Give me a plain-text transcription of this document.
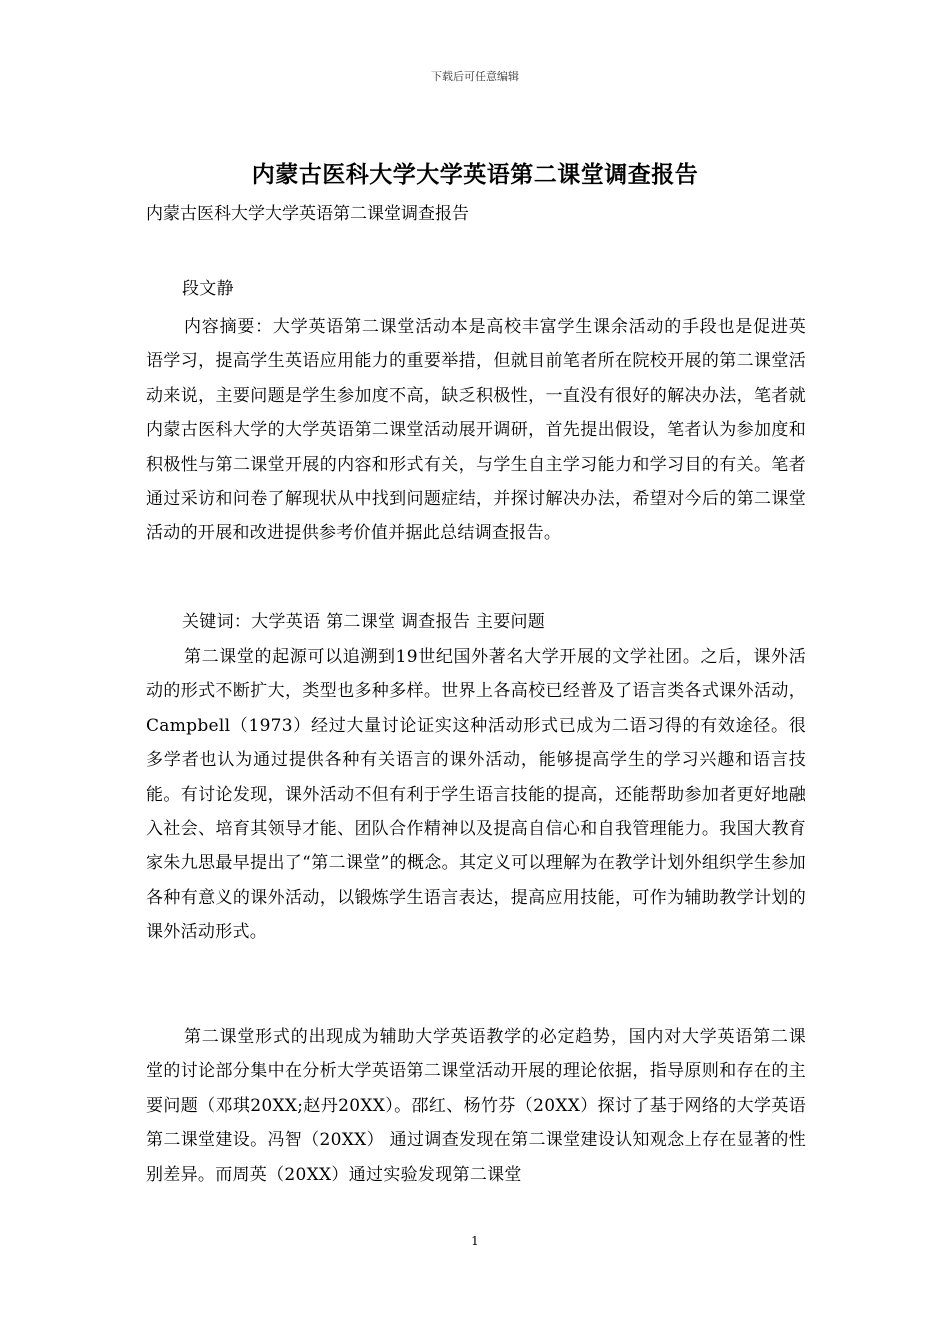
下载后可任意编辑
内蒙古医科大学大学英语第二课堂调查报告
内蒙古医科大学大学英语第二课堂调查报告

段文静

内容摘要：大学英语第二课堂活动本是高校丰富学生课余活动的手段也是促进英语学习，提高学生英语应用能力的重要举措，但就目前笔者所在院校开展的第二课堂活动来说，主要问题是学生参加度不高，缺乏积极性，一直没有很好的解决办法，笔者就内蒙古医科大学的大学英语第二课堂活动展开调研，首先提出假设，笔者认为参加度和积极性与第二课堂开展的内容和形式有关，与学生自主学习能力和学习目的有关。笔者通过采访和问卷了解现状从中找到问题症结，并探讨解决办法，希望对今后的第二课堂活动的开展和改进提供参考价值并据此总结调查报告。

关键词：大学英语 第二课堂 调查报告 主要问题

第二课堂的起源可以追溯到19世纪国外著名大学开展的文学社团。之后，课外活动的形式不断扩大，类型也多种多样。世界上各高校已经普及了语言类各式课外活动，Campbell（1973）经过大量讨论证实这种活动形式已成为二语习得的有效途径。很多学者也认为通过提供各种有关语言的课外活动，能够提高学生的学习兴趣和语言技能。有讨论发现，课外活动不但有利于学生语言技能的提高，还能帮助参加者更好地融入社会、培育其领导才能、团队合作精神以及提高自信心和自我管理能力。我国大教育家朱九思最早提出了“第二课堂”的概念。其定义可以理解为在教学计划外组织学生参加各种有意义的课外活动，以锻炼学生语言表达，提高应用技能，可作为辅助教学计划的课外活动形式。

第二课堂形式的出现成为辅助大学英语教学的必定趋势，国内对大学英语第二课堂的讨论部分集中在分析大学英语第二课堂活动开展的理论依据，指导原则和存在的主要问题（邓琪20XX;赵丹20XX）。邵红、杨竹芬（20XX）探讨了基于网络的大学英语第二课堂建设。冯智（20XX） 通过调查发现在第二课堂建设认知观念上存在显著的性别差异。而周英（20XX）通过实验发现第二课堂

1
